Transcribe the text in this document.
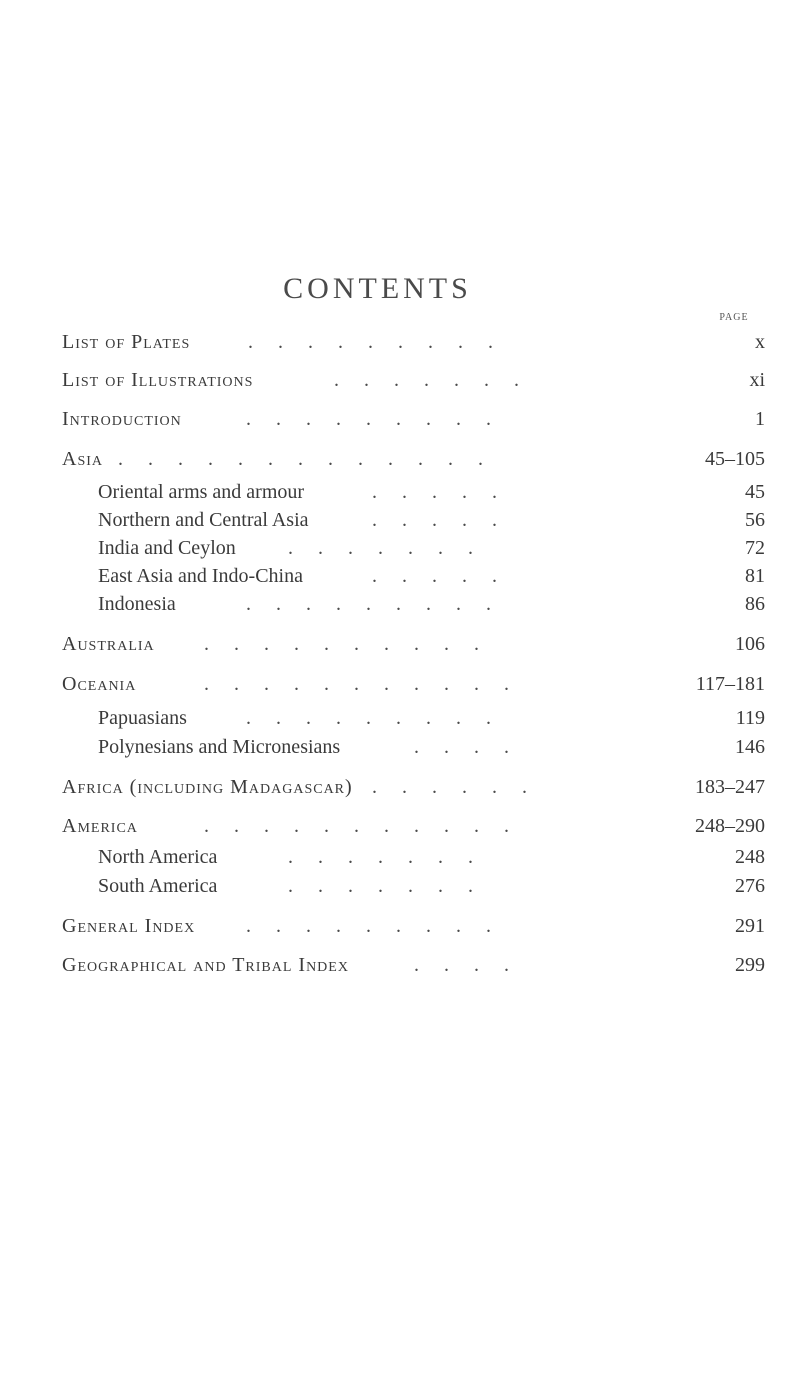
CONTENTS
PAGE
List of Plates	.     .     .     .     .     .     .     .     .	x
List of Illustrations	.     .     .     .     .     .     .	xi
Introduction	.     .     .     .     .     .     .     .     .	1
Asia .     .     .     .     .     .     .     .     .     .     .     .     .	45–105
Oriental arms and armour	.     .     .     .     .	45
Northern and Central Asia	.     .     .     .     .	56
India and Ceylon	.     .     .     .     .     .     .	72
East Asia and Indo-China	.     .     .     .     .	81
Indonesia	.     .     .     .     .     .     .     .     .	86
Australia .     .     .     .     .     .     .     .     .     .	106
Oceania	.     .     .     .     .     .     .     .     .     .     .	117–181
Papuasians	.     .     .     .     .     .     .     .     .	119
Polynesians and Micronesians	.     .     .     .	146
Africa (including Madagascar) .     .     .     .     .     .	183–247
America	.     .     .     .     .     .     .     .     .     .     .	248–290
North America	.     .     .     .     .     .     .	248
South America	.     .     .     .     .     .     .	276
General Index	.     .     .     .     .     .     .     .     .	291
Geographical and Tribal Index	.     .     .     .	299
